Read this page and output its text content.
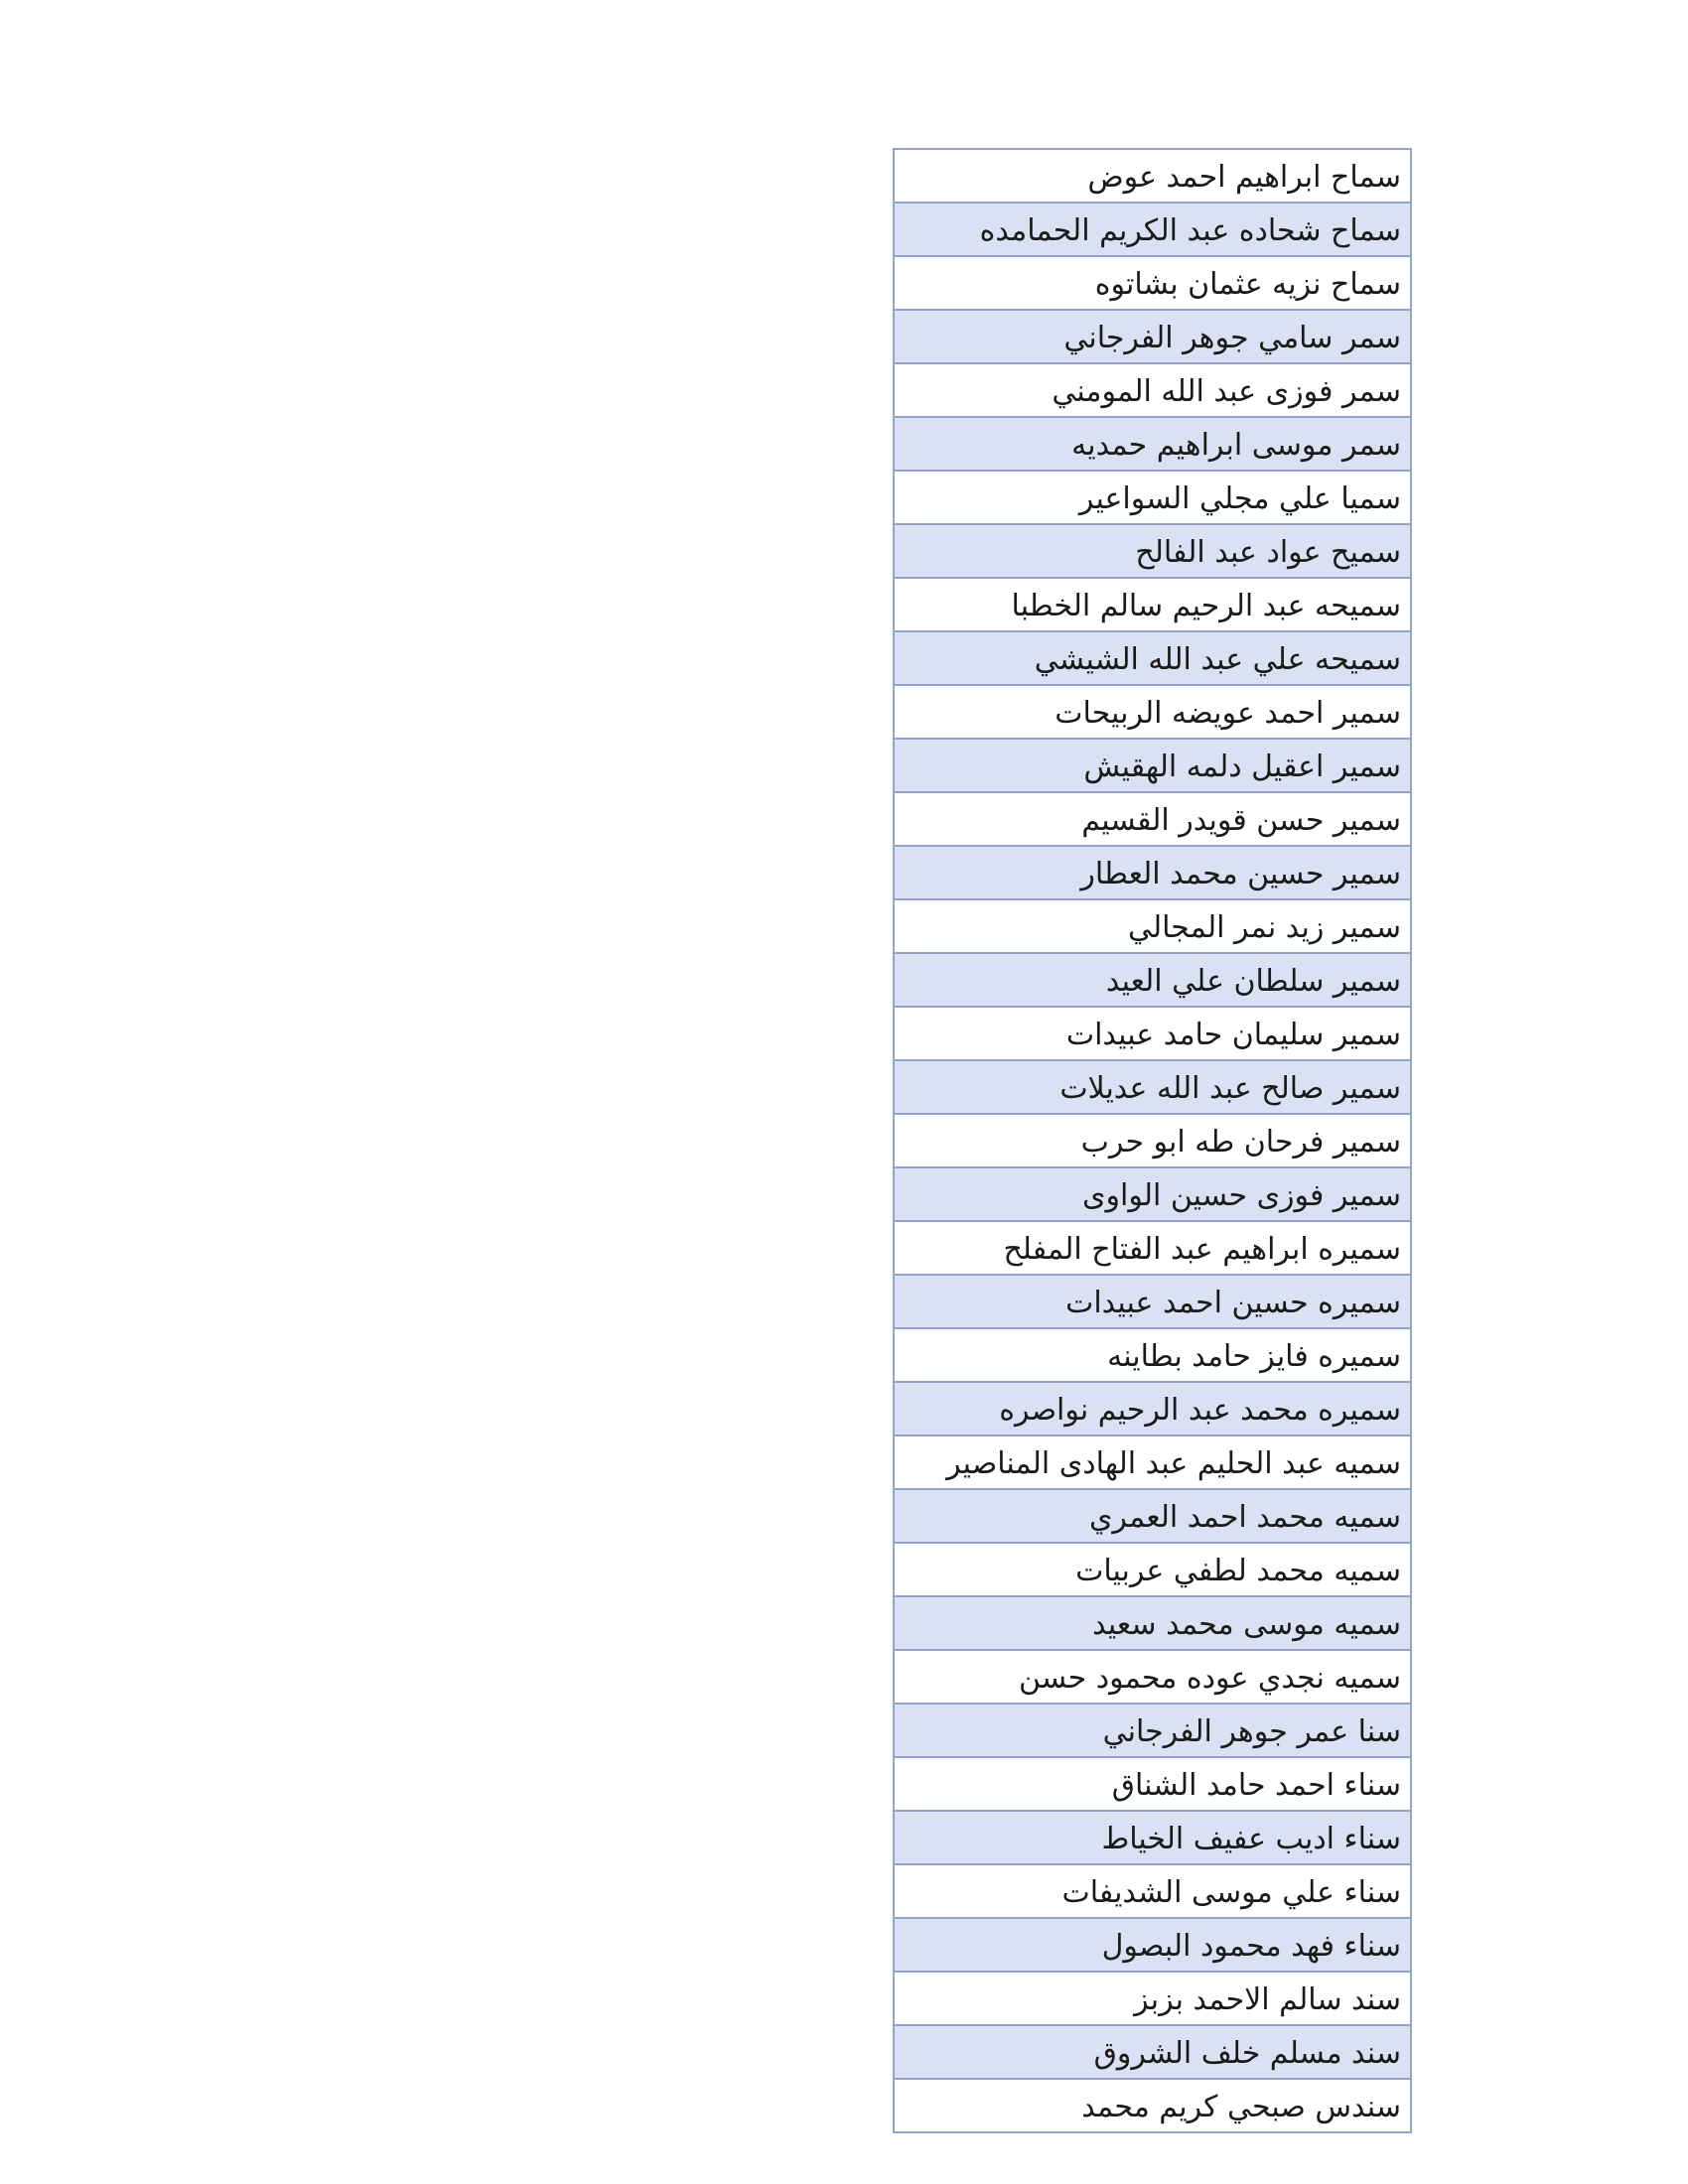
سماح ابراهيم احمد عوض
سماح شحاده عبد الكريم الحمامده
سماح نزيه عثمان بشاتوه
سمر سامي جوهر الفرجاني
سمر فوزى عبد الله المومني
سمر موسى ابراهيم حمديه
سميا علي مجلي السواعير
سميح عواد عبد الفالح
سميحه عبد الرحيم سالم الخطبا
سميحه علي عبد الله الشيشي
سمير احمد عويضه الربيحات
سمير اعقيل دلمه الهقيش
سمير حسن قويدر القسيم
سمير حسين محمد العطار
سمير زيد نمر المجالي
سمير سلطان علي العيد
سمير سليمان حامد عبيدات
سمير صالح عبد الله عديلات
سمير فرحان طه ابو حرب
سمير فوزى حسين الواوى
سميره ابراهيم عبد الفتاح المفلح
سميره حسين احمد عبيدات
سميره فايز حامد بطاينه
سميره محمد عبد الرحيم نواصره
سميه عبد الحليم عبد الهادى المناصير
سميه محمد احمد العمري
سميه محمد لطفي عربيات
سميه موسى محمد سعيد
سميه نجدي عوده محمود حسن
سنا عمر جوهر الفرجاني
سناء احمد حامد الشناق
سناء اديب عفيف الخياط
سناء علي موسى الشديفات
سناء فهد محمود البصول
سند سالم الاحمد بزبز
سند مسلم خلف الشروق
سندس صبحي كريم محمد
